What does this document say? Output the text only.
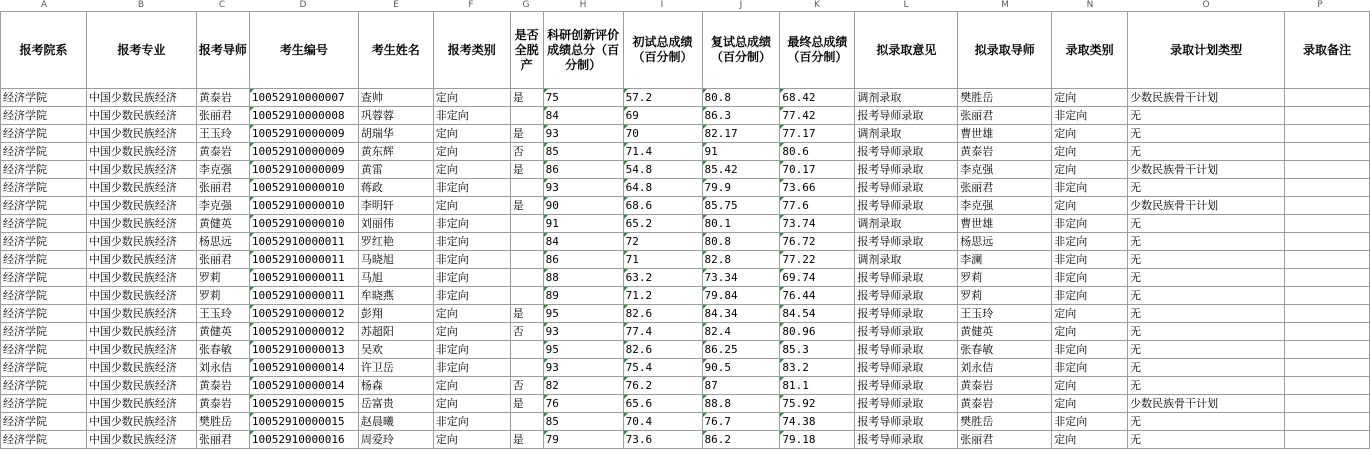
A	B	C	D	E	F	G	H	I	J	K	L	M	N	O	P
报考院系	报考专业	报考导师	考生编号	考生姓名	报考类别	是否全脱产	科研创新评价成绩总分（百分制）	初试总成绩（百分制）	复试总成绩（百分制）	最终总成绩（百分制）	拟录取意见	拟录取导师	录取类别	录取计划类型	录取备注
经济学院	中国少数民族经济	黄泰岩	10052910000007	查帅	定向	是	75	57.2	80.8	68.42	调剂录取	樊胜岳	定向	少数民族骨干计划	
经济学院	中国少数民族经济	张丽君	10052910000008	巩蓉蓉	非定向		84	69	86.3	77.42	报考导师录取	张丽君	非定向	无	
经济学院	中国少数民族经济	王玉玲	10052910000009	胡瑞华	定向	是	93	70	82.17	77.17	调剂录取	曹世雄	定向	无	
经济学院	中国少数民族经济	黄泰岩	10052910000009	黄东辉	定向	否	85	71.4	91	80.6	报考导师录取	黄泰岩	定向	无	
经济学院	中国少数民族经济	李克强	10052910000009	黄雷	定向	是	86	54.8	85.42	70.17	报考导师录取	李克强	定向	少数民族骨干计划	
经济学院	中国少数民族经济	张丽君	10052910000010	蒋政	非定向		93	64.8	79.9	73.66	报考导师录取	张丽君	非定向	无	
经济学院	中国少数民族经济	李克强	10052910000010	李明轩	定向	是	90	68.6	85.75	77.6	报考导师录取	李克强	定向	少数民族骨干计划	
经济学院	中国少数民族经济	黄健英	10052910000010	刘丽伟	非定向		91	65.2	80.1	73.74	调剂录取	曹世雄	非定向	无	
经济学院	中国少数民族经济	杨思远	10052910000011	罗红艳	非定向		84	72	80.8	76.72	报考导师录取	杨思远	非定向	无	
经济学院	中国少数民族经济	张丽君	10052910000011	马晓旭	非定向		86	71	82.8	77.22	调剂录取	李澜	非定向	无	
经济学院	中国少数民族经济	罗莉	10052910000011	马旭	非定向		88	63.2	73.34	69.74	报考导师录取	罗莉	非定向	无	
经济学院	中国少数民族经济	罗莉	10052910000011	牟晓燕	非定向		89	71.2	79.84	76.44	报考导师录取	罗莉	非定向	无	
经济学院	中国少数民族经济	王玉玲	10052910000012	彭翔	定向	是	95	82.6	84.34	84.54	报考导师录取	王玉玲	定向	无	
经济学院	中国少数民族经济	黄健英	10052910000012	苏超阳	定向	否	93	77.4	82.4	80.96	报考导师录取	黄健英	定向	无	
经济学院	中国少数民族经济	张春敏	10052910000013	吴欢	非定向		95	82.6	86.25	85.3	报考导师录取	张春敏	非定向	无	
经济学院	中国少数民族经济	刘永佶	10052910000014	许卫岳	非定向		93	75.4	90.5	83.2	报考导师录取	刘永佶	非定向	无	
经济学院	中国少数民族经济	黄泰岩	10052910000014	杨森	定向	否	82	76.2	87	81.1	报考导师录取	黄泰岩	定向	无	
经济学院	中国少数民族经济	黄泰岩	10052910000015	岳富贵	定向	是	76	65.6	88.8	75.92	报考导师录取	黄泰岩	定向	少数民族骨干计划	
经济学院	中国少数民族经济	樊胜岳	10052910000015	赵晨曦	非定向		85	70.4	76.7	74.38	报考导师录取	樊胜岳	非定向	无	
经济学院	中国少数民族经济	张丽君	10052910000016	周爱玲	定向	是	79	73.6	86.2	79.18	报考导师录取	张丽君	定向	无	
